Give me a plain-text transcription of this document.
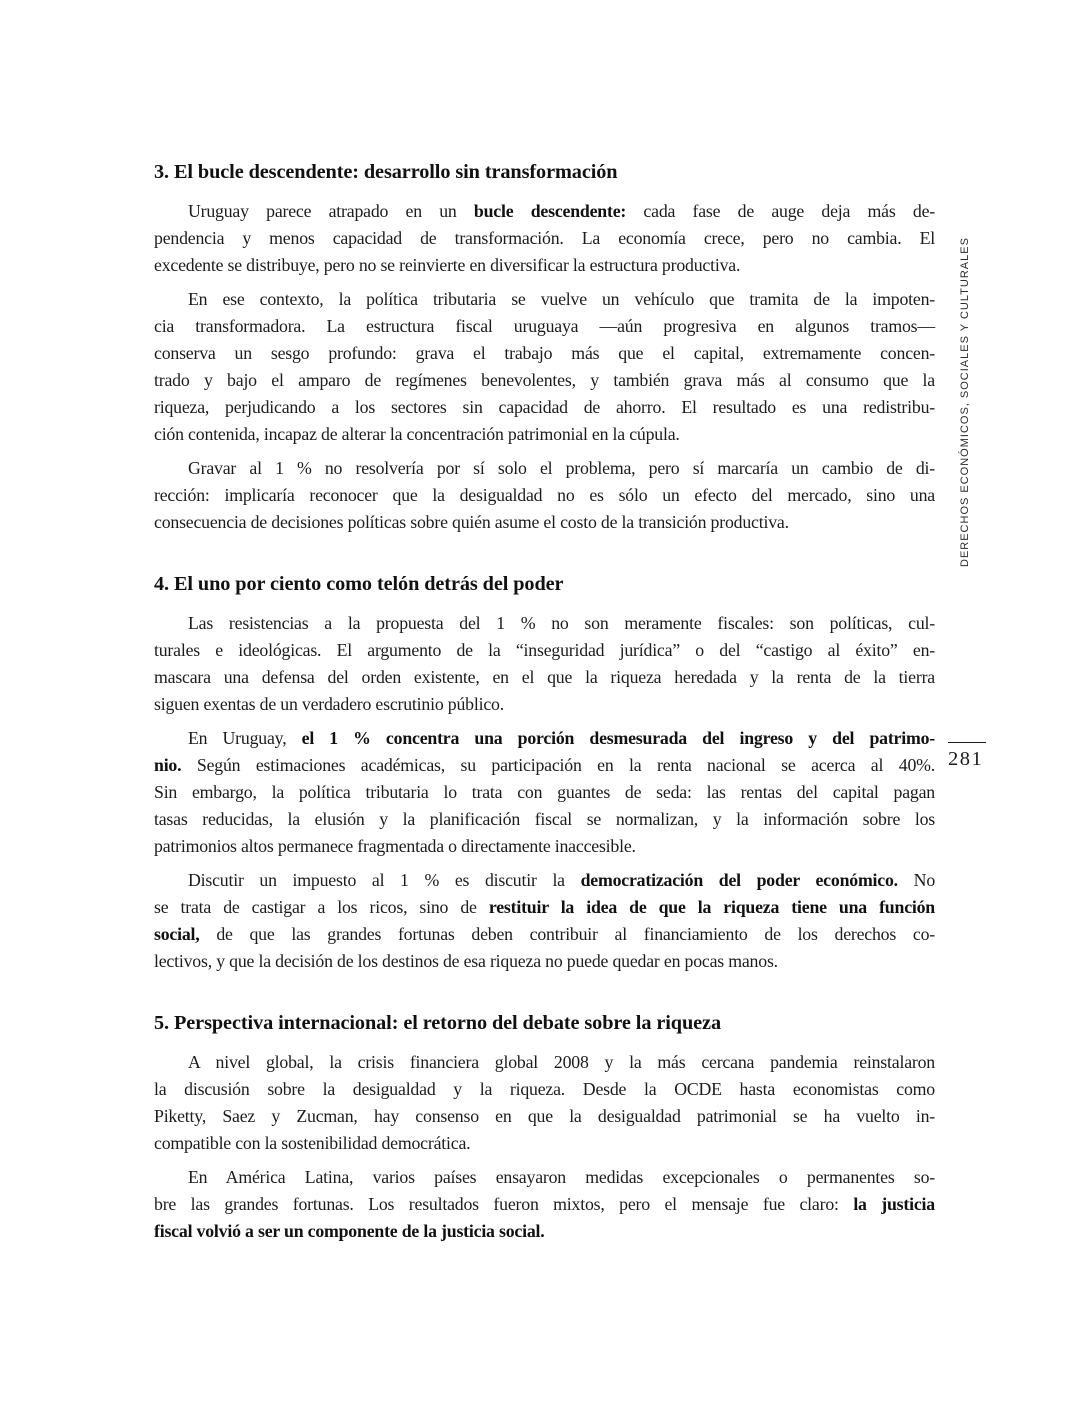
3. El bucle descendente: desarrollo sin transformación
Uruguay parece atrapado en un bucle descendente: cada fase de auge deja más de-
pendencia y menos capacidad de transformación. La economía crece, pero no cambia. El
excedente se distribuye, pero no se reinvierte en diversificar la estructura productiva.
En ese contexto, la política tributaria se vuelve un vehículo que tramita de la impoten-
cia transformadora. La estructura fiscal uruguaya —aún progresiva en algunos tramos—
conserva un sesgo profundo: grava el trabajo más que el capital, extremamente concen-
trado y bajo el amparo de regímenes benevolentes, y también grava más al consumo que la
riqueza, perjudicando a los sectores sin capacidad de ahorro. El resultado es una redistribu-
ción contenida, incapaz de alterar la concentración patrimonial en la cúpula.
Gravar al 1 % no resolvería por sí solo el problema, pero sí marcaría un cambio de di-
rección: implicaría reconocer que la desigualdad no es sólo un efecto del mercado, sino una
consecuencia de decisiones políticas sobre quién asume el costo de la transición productiva.
4. El uno por ciento como telón detrás del poder
Las resistencias a la propuesta del 1 % no son meramente fiscales: son políticas, cul-
turales e ideológicas. El argumento de la “inseguridad jurídica” o del “castigo al éxito” en-
mascara una defensa del orden existente, en el que la riqueza heredada y la renta de la tierra
siguen exentas de un verdadero escrutinio público.
En Uruguay, el 1 % concentra una porción desmesurada del ingreso y del patrimo-
nio. Según estimaciones académicas, su participación en la renta nacional se acerca al 40%.
Sin embargo, la política tributaria lo trata con guantes de seda: las rentas del capital pagan
tasas reducidas, la elusión y la planificación fiscal se normalizan, y la información sobre los
patrimonios altos permanece fragmentada o directamente inaccesible.
Discutir un impuesto al 1 % es discutir la democratización del poder económico. No
se trata de castigar a los ricos, sino de restituir la idea de que la riqueza tiene una función
social, de que las grandes fortunas deben contribuir al financiamiento de los derechos co-
lectivos, y que la decisión de los destinos de esa riqueza no puede quedar en pocas manos.
5. Perspectiva internacional: el retorno del debate sobre la riqueza
A nivel global, la crisis financiera global 2008 y la más cercana pandemia reinstalaron
la discusión sobre la desigualdad y la riqueza. Desde la OCDE hasta economistas como
Piketty, Saez y Zucman, hay consenso en que la desigualdad patrimonial se ha vuelto in-
compatible con la sostenibilidad democrática.
En América Latina, varios países ensayaron medidas excepcionales o permanentes so-
bre las grandes fortunas. Los resultados fueron mixtos, pero el mensaje fue claro: la justicia
fiscal volvió a ser un componente de la justicia social.
DERECHOS ECONÓMICOS, SOCIALES Y CULTURALES
281
